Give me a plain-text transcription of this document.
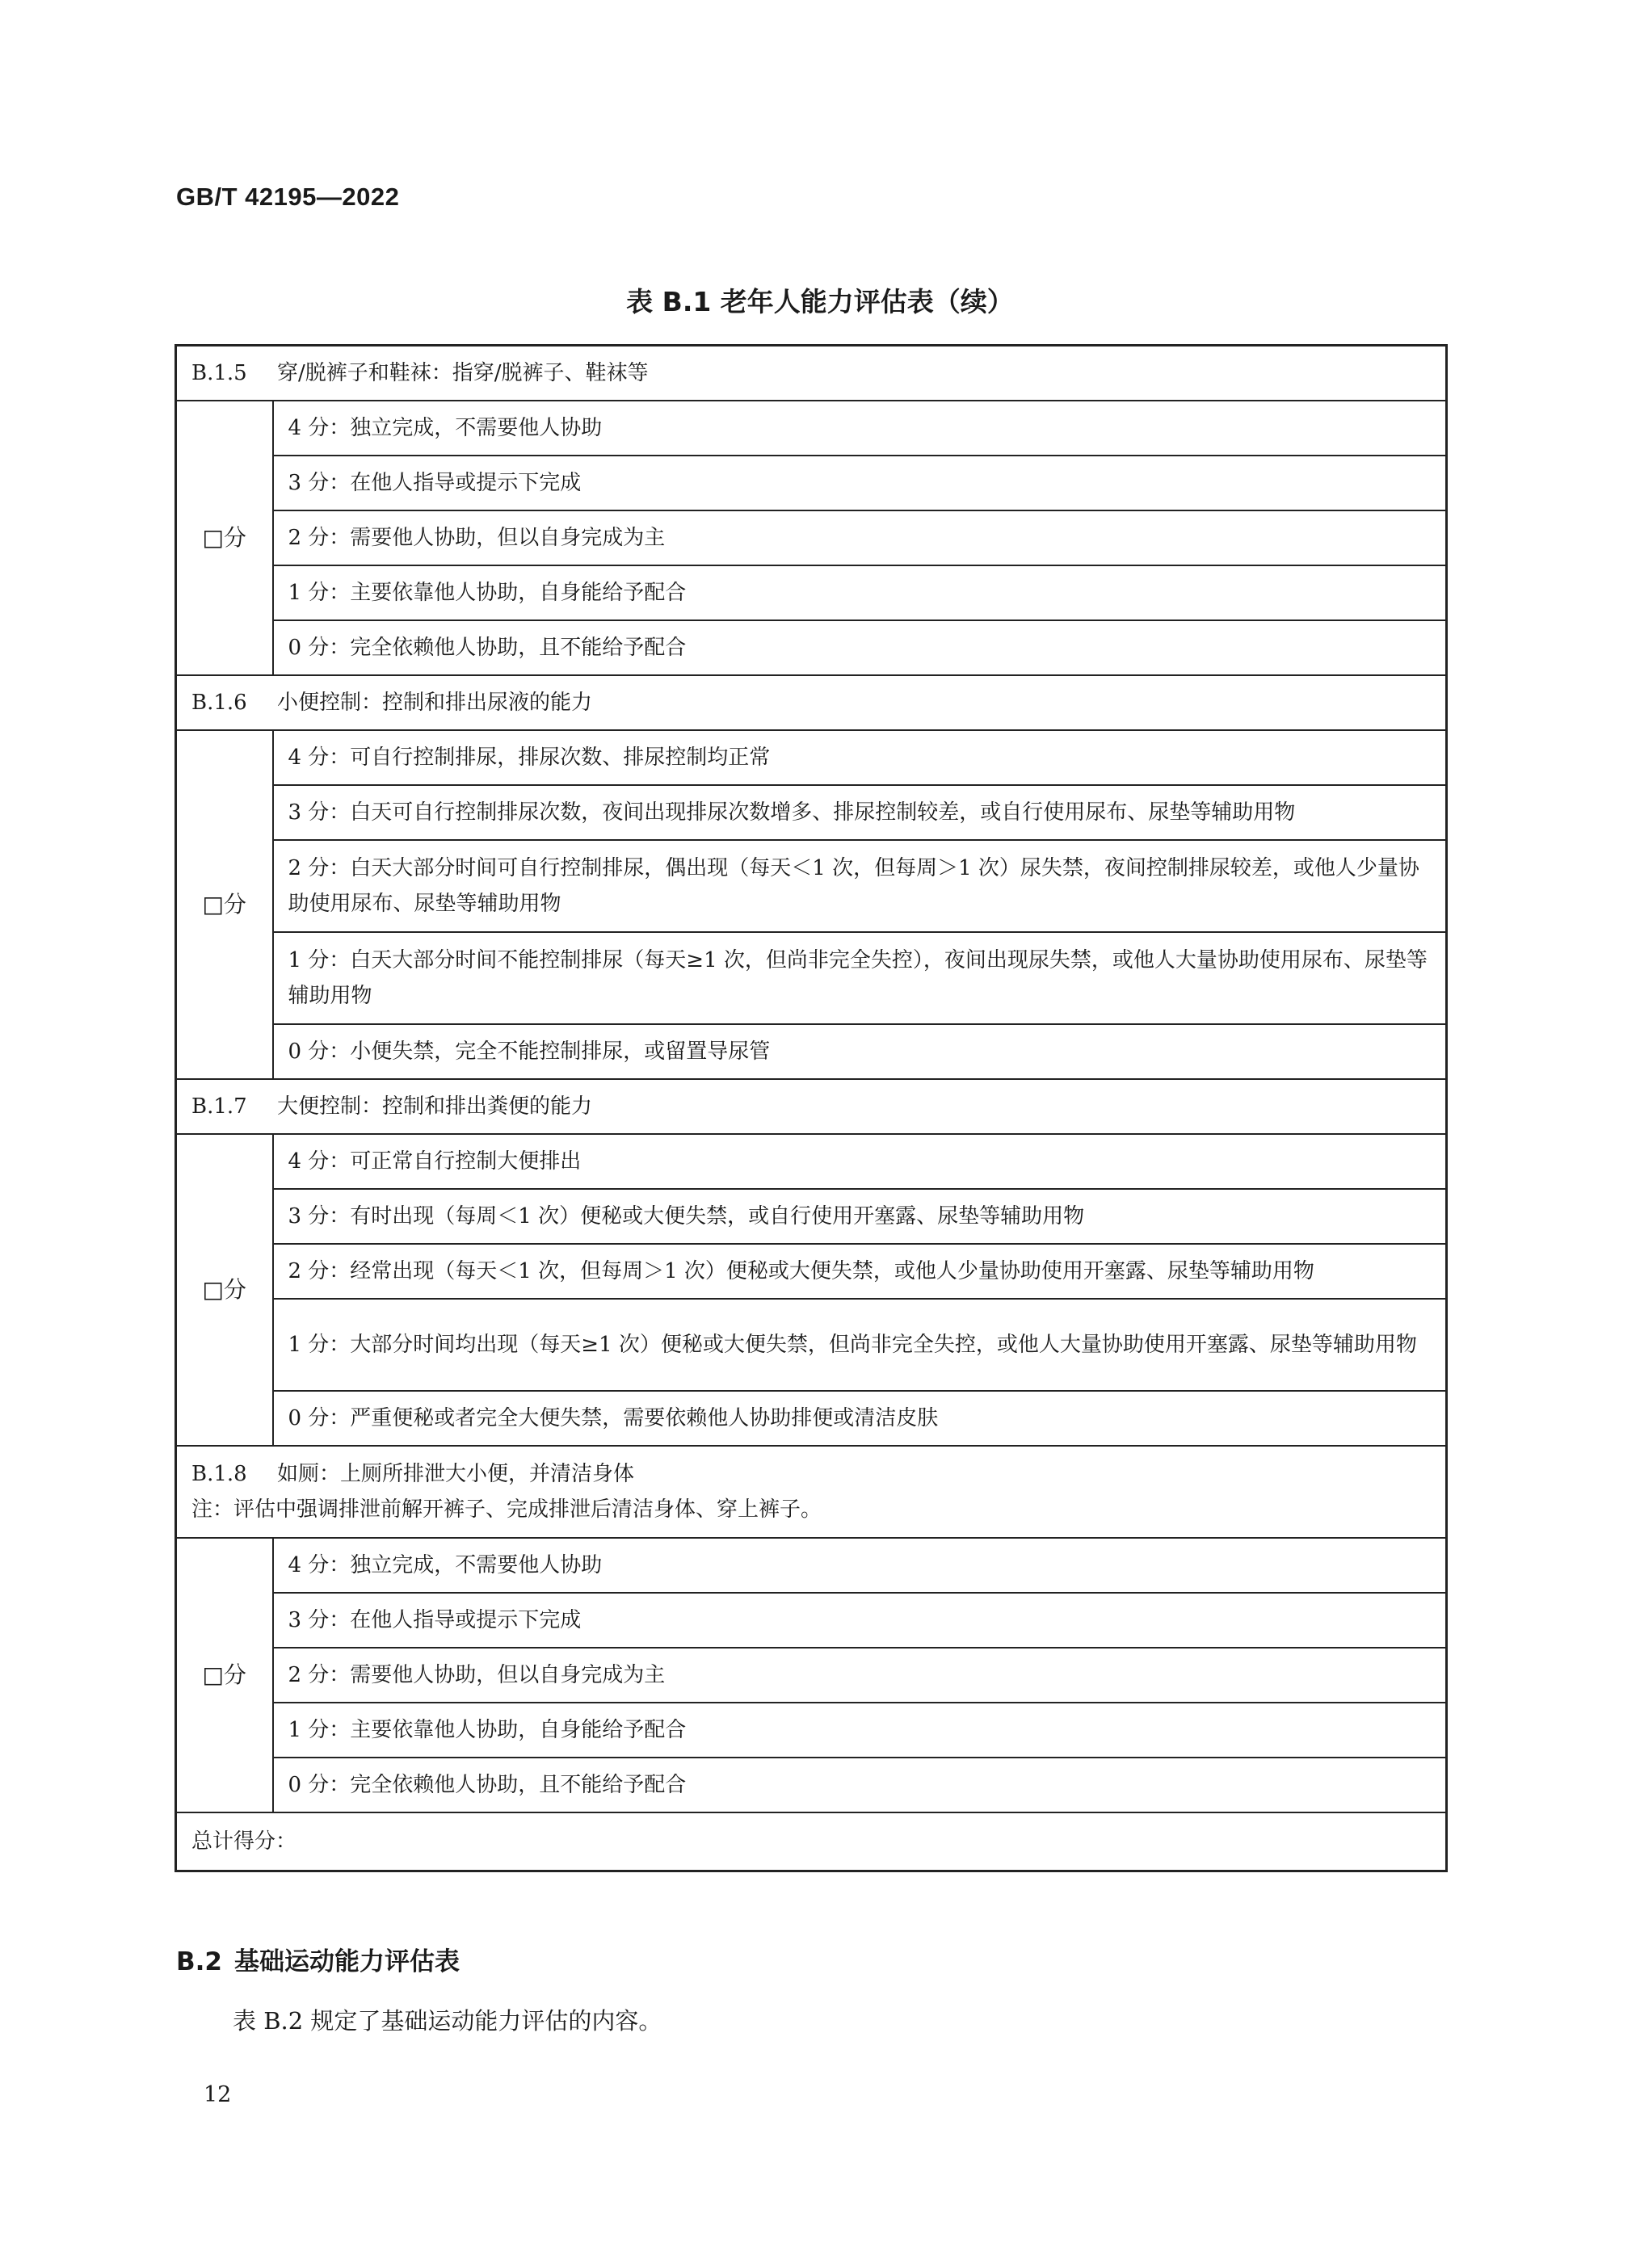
GB/T 42195—2022
表 B.1 老年人能力评估表（续）
B.1.5 穿/脱裤子和鞋袜：指穿/脱裤子、鞋袜等	
□分	4 分：独立完成，不需要他人协助
	3 分：在他人指导或提示下完成
	2 分：需要他人协助，但以自身完成为主
	1 分：主要依靠他人协助，自身能给予配合
	0 分：完全依赖他人协助，且不能给予配合
B.1.6 小便控制：控制和排出尿液的能力	
□分	4 分：可自行控制排尿，排尿次数、排尿控制均正常
	3 分：白天可自行控制排尿次数，夜间出现排尿次数增多、排尿控制较差，或自行使用尿布、尿垫等辅助用物
	2 分：白天大部分时间可自行控制排尿，偶出现（每天＜1 次，但每周＞1 次）尿失禁，夜间控制排尿较差，或他人少量协助使用尿布、尿垫等辅助用物
	1 分：白天大部分时间不能控制排尿（每天≥1 次，但尚非完全失控），夜间出现尿失禁，或他人大量协助使用尿布、尿垫等辅助用物
	0 分：小便失禁，完全不能控制排尿，或留置导尿管
B.1.7 大便控制：控制和排出粪便的能力	
□分	4 分：可正常自行控制大便排出
	3 分：有时出现（每周＜1 次）便秘或大便失禁，或自行使用开塞露、尿垫等辅助用物
	2 分：经常出现（每天＜1 次，但每周＞1 次）便秘或大便失禁，或他人少量协助使用开塞露、尿垫等辅助用物
	1 分：大部分时间均出现（每天≥1 次）便秘或大便失禁，但尚非完全失控，或他人大量协助使用开塞露、尿垫等辅助用物
	0 分：严重便秘或者完全大便失禁，需要依赖他人协助排便或清洁皮肤

B.1.8 如厕：上厕所排泄大小便，并清洁身体
注：评估中强调排泄前解开裤子、完成排泄后清洁身体、穿上裤子。	

□分	4 分：独立完成，不需要他人协助
	3 分：在他人指导或提示下完成
	2 分：需要他人协助，但以自身完成为主
	1 分：主要依靠他人协助，自身能给予配合
	0 分：完全依赖他人协助，且不能给予配合
总计得分：	
B.2 基础运动能力评估表
表 B.2 规定了基础运动能力评估的内容。
12
